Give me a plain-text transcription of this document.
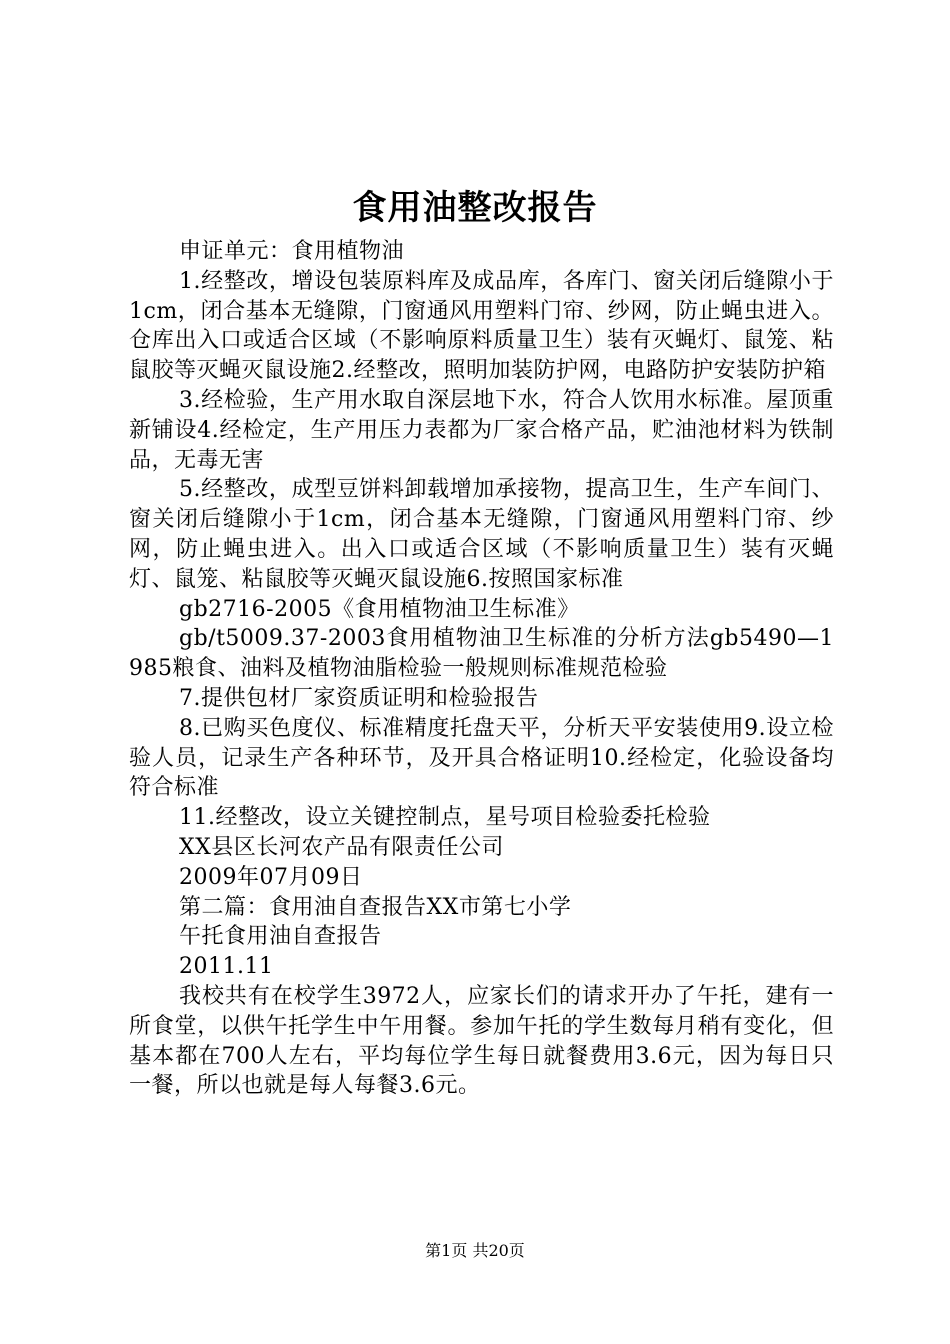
食用油整改报告

申证单元：食用植物油

1.经整改，增设包装原料库及成品库，各库门、窗关闭后缝隙小于1cm，闭合基本无缝隙，门窗通风用塑料门帘、纱网，防止蝇虫进入。仓库出入口或适合区域（不影响原料质量卫生）装有灭蝇灯、鼠笼、粘鼠胶等灭蝇灭鼠设施2.经整改，照明加装防护网，电路防护安装防护箱

3.经检验，生产用水取自深层地下水，符合人饮用水标准。屋顶重新铺设4.经检定，生产用压力表都为厂家合格产品，贮油池材料为铁制品，无毒无害

5.经整改，成型豆饼料卸载增加承接物，提高卫生，生产车间门、窗关闭后缝隙小于1cm，闭合基本无缝隙，门窗通风用塑料门帘、纱网，防止蝇虫进入。出入口或适合区域（不影响质量卫生）装有灭蝇灯、鼠笼、粘鼠胶等灭蝇灭鼠设施6.按照国家标准

gb2716-2005《食用植物油卫生标准》

gb/t5009.37-2003食用植物油卫生标准的分析方法gb5490—1985粮食、油料及植物油脂检验一般规则标准规范检验

7.提供包材厂家资质证明和检验报告

8.已购买色度仪、标准精度托盘天平，分析天平安装使用9.设立检验人员，记录生产各种环节，及开具合格证明10.经检定，化验设备均符合标准

11.经整改，设立关键控制点，星号项目检验委托检验

XX县区长河农产品有限责任公司

2009年07月09日

第二篇：食用油自查报告XX市第七小学

午托食用油自查报告

2011.11

我校共有在校学生3972人，应家长们的请求开办了午托，建有一所食堂，以供午托学生中午用餐。参加午托的学生数每月稍有变化，但基本都在700人左右，平均每位学生每日就餐费用3.6元，因为每日只一餐，所以也就是每人每餐3.6元。

第1页 共20页
